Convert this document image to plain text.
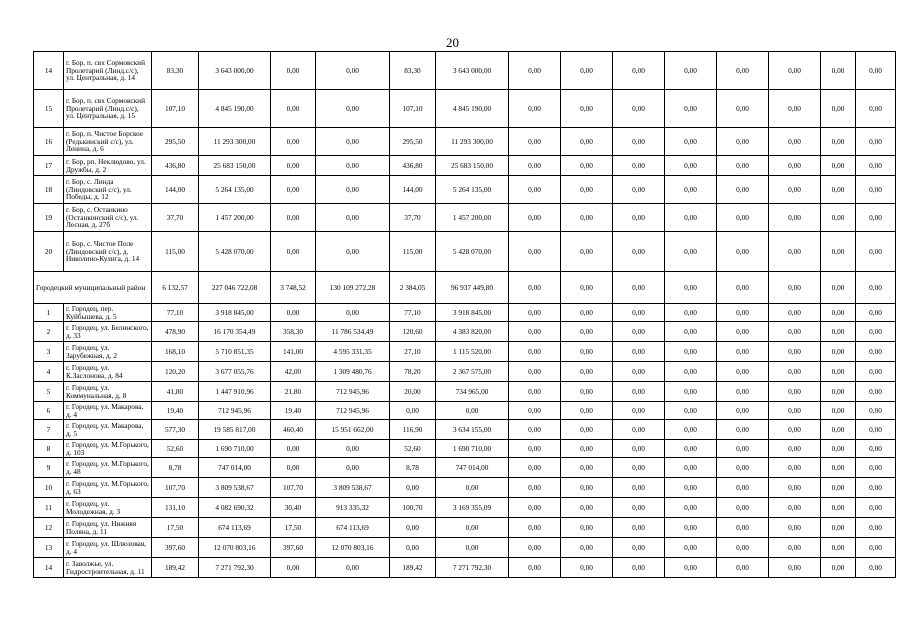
20
14	г. Бор, п. свх Сормовский Пролетарий (Линд.с/с), ул. Центральная, д. 14	83,30	3 643 000,00	0,00	0,00	83,30	3 643 000,00	0,00	0,00	0,00	0,00	0,00	0,00	0,00	0,00
15	г. Бор, п. свх Сормовский Пролетарий (Линд.с/с), ул. Центральная, д. 15	107,10	4 845 190,00	0,00	0,00	107,10	4 845 190,00	0,00	0,00	0,00	0,00	0,00	0,00	0,00	0,00
16	г. Бор, п. Чистое Борское (Редькинский с/с), ул. Ленина, д. 6	295,50	11 293 300,00	0,00	0,00	295,50	11 293 300,00	0,00	0,00	0,00	0,00	0,00	0,00	0,00	0,00
17	г. Бор, рп. Неклюдово, ул. Дружбы, д. 2	436,80	25 683 150,00	0,00	0,00	436,80	25 683 150,00	0,00	0,00	0,00	0,00	0,00	0,00	0,00	0,00
18	г. Бор, с. Линда (Линдовский с/с), ул. Победы, д. 12	144,00	5 264 135,00	0,00	0,00	144,00	5 264 135,00	0,00	0,00	0,00	0,00	0,00	0,00	0,00	0,00
19	г. Бор, с. Останкино (Останкинский с/с), ул. Лесная, д. 27б	37,70	1 457 200,00	0,00	0,00	37,70	1 457 200,00	0,00	0,00	0,00	0,00	0,00	0,00	0,00	0,00
20	г. Бор, с. Чистое Поле (Линдовский с/с), д. Николино-Кулига, д. 14	115,00	5 428 070,00	0,00	0,00	115,00	5 428 070,00	0,00	0,00	0,00	0,00	0,00	0,00	0,00	0,00
Городецкий муниципальный район		6 132,57	227 046 722,08	3 748,52	130 109 272,28	2 384,05	96 937 449,80	0,00	0,00	0,00	0,00	0,00	0,00	0,00	0,00
1	г. Городец, пер. Куйбышева, д. 5	77,10	3 918 845,00	0,00	0,00	77,10	3 918 845,00	0,00	0,00	0,00	0,00	0,00	0,00	0,00	0,00
2	г. Городец, ул. Белинского, д. 33	478,90	16 170 354,49	358,30	11 786 534,49	120,60	4 383 820,00	0,00	0,00	0,00	0,00	0,00	0,00	0,00	0,00
3	г. Городец, ул. Зарубежная, д. 2	168,10	5 710 851,35	141,00	4 595 331,35	27,10	1 115 520,00	0,00	0,00	0,00	0,00	0,00	0,00	0,00	0,00
4	г. Городец, ул. К.Заслонова, д. 84	120,20	3 677 055,76	42,00	1 309 480,76	78,20	2 367 575,00	0,00	0,00	0,00	0,00	0,00	0,00	0,00	0,00
5	г. Городец, ул. Коммунальная, д. 8	41,80	1 447 910,96	21,80	712 945,96	20,00	734 965,00	0,00	0,00	0,00	0,00	0,00	0,00	0,00	0,00
6	г. Городец, ул. Макарова, д. 4	19,40	712 945,96	19,40	712 945,96	0,00	0,00	0,00	0,00	0,00	0,00	0,00	0,00	0,00	0,00
7	г. Городец, ул. Макарова, д. 5	577,30	19 585 817,00	460,40	15 951 662,00	116,90	3 634 155,00	0,00	0,00	0,00	0,00	0,00	0,00	0,00	0,00
8	г. Городец, ул. М.Горького, д. 103	52,60	1 690 710,00	0,00	0,00	52,60	1 690 710,00	0,00	0,00	0,00	0,00	0,00	0,00	0,00	0,00
9	г. Городец, ул. М.Горького, д. 48	8,78	747 014,00	0,00	0,00	8,78	747 014,00	0,00	0,00	0,00	0,00	0,00	0,00	0,00	0,00
10	г. Городец, ул. М.Горького, д. 63	107,70	3 809 538,67	107,70	3 809 538,67	0,00	0,00	0,00	0,00	0,00	0,00	0,00	0,00	0,00	0,00
11	г. Городец, ул. Молодежная, д. 3	131,10	4 082 690,32	30,40	913 335,32	100,70	3 169 355,09	0,00	0,00	0,00	0,00	0,00	0,00	0,00	0,00
12	г. Городец, ул. Нижняя Поляна, д. 11	17,50	674 113,69	17,50	674 113,69	0,00	0,00	0,00	0,00	0,00	0,00	0,00	0,00	0,00	0,00
13	г. Городец, ул. Шлюзовая, д. 4	397,60	12 070 803,16	397,60	12 070 803,16	0,00	0,00	0,00	0,00	0,00	0,00	0,00	0,00	0,00	0,00
14	г. Заволжье, ул. Гидростроительная, д. 11	189,42	7 271 792,30	0,00	0,00	189,42	7 271 792,30	0,00	0,00	0,00	0,00	0,00	0,00	0,00	0,00
